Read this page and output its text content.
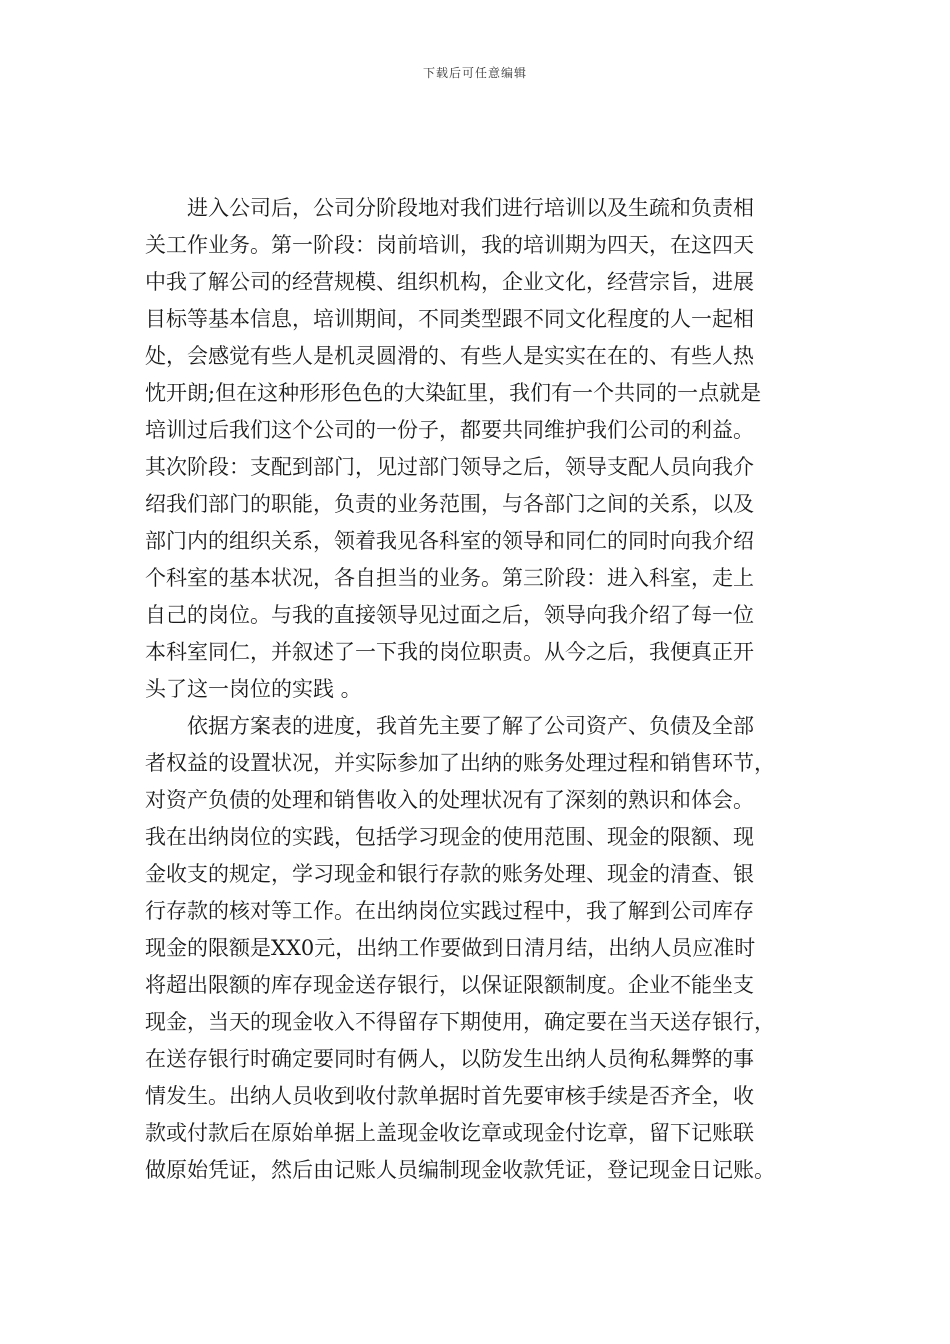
下载后可任意编辑
进入公司后，公司分阶段地对我们进行培训以及生疏和负责相
关工作业务。第一阶段：岗前培训，我的培训期为四天，在这四天
中我了解公司的经营规模、组织机构，企业文化，经营宗旨，进展
目标等基本信息，培训期间，不同类型跟不同文化程度的人一起相
处，会感觉有些人是机灵圆滑的、有些人是实实在在的、有些人热
忱开朗;但在这种形形色色的大染缸里，我们有一个共同的一点就是
培训过后我们这个公司的一份子，都要共同维护我们公司的利益。
其次阶段：支配到部门，见过部门领导之后，领导支配人员向我介
绍我们部门的职能，负责的业务范围，与各部门之间的关系，以及
部门内的组织关系，领着我见各科室的领导和同仁的同时向我介绍
个科室的基本状况，各自担当的业务。第三阶段：进入科室，走上
自己的岗位。与我的直接领导见过面之后，领导向我介绍了每一位
本科室同仁，并叙述了一下我的岗位职责。从今之后，我便真正开
头了这一岗位的实践 。
依据方案表的进度，我首先主要了解了公司资产、负债及全部
者权益的设置状况，并实际参加了出纳的账务处理过程和销售环节，
对资产负债的处理和销售收入的处理状况有了深刻的熟识和体会。
我在出纳岗位的实践，包括学习现金的使用范围、现金的限额、现
金收支的规定，学习现金和银行存款的账务处理、现金的清查、银
行存款的核对等工作。在出纳岗位实践过程中，我了解到公司库存
现金的限额是XX0元，出纳工作要做到日清月结，出纳人员应准时
将超出限额的库存现金送存银行，以保证限额制度。企业不能坐支
现金，当天的现金收入不得留存下期使用，确定要在当天送存银行，
在送存银行时确定要同时有俩人，以防发生出纳人员徇私舞弊的事
情发生。出纳人员收到收付款单据时首先要审核手续是否齐全，收
款或付款后在原始单据上盖现金收讫章或现金付讫章，留下记账联
做原始凭证，然后由记账人员编制现金收款凭证，登记现金日记账。
